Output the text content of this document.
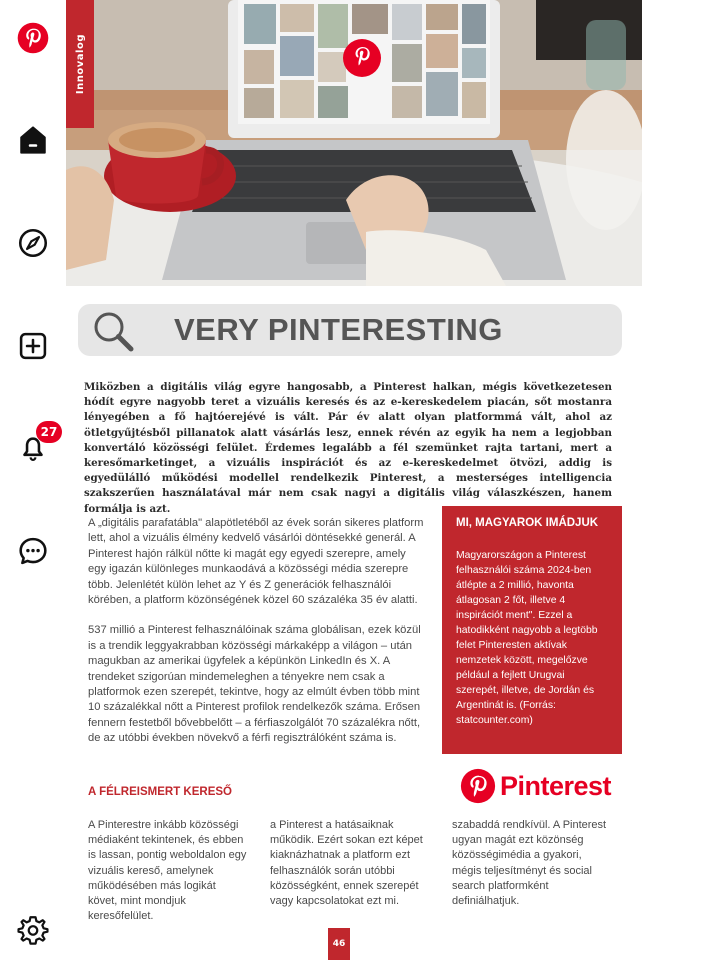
27
Innovalog
VERY PINTERESTING
Miközben a digitális világ egyre hangosabb, a Pinterest halkan, mégis következetesen hódít egyre nagyobb teret a vizuális keresés és az e-kereskedelem piacán, sőt mostanra lényegében a fő hajtóerejévé is vált. Pár év alatt olyan platformmá vált, ahol az ötletgyűjtésből pillanatok alatt vásárlás lesz, ennek révén az egyik ha nem a legjobban konvertáló közösségi felület. Érdemes legalább a fél szemünket rajta tartani, mert a keresőmarketinget, a vizuális inspirációt és az e-kereskedelmet ötvözi, addig is egyedülálló működési modellel rendelkezik Pinterest, a mesterséges intelligencia szakszerűen használatával már nem csak nagyi a digitális világ válaszkészen, hanem formálja is azt.

A „digitális parafatábla" alapötletéből az évek során sikeres platform lett, ahol a vizuális élmény kedvelő vásárlói döntésekké generál. A Pinterest hajón rálkül nőtte ki magát egy egyedi szerepre, amely egy igazán különleges munkaodává a közösségi média szerepre több. Jelenlétét külön lehet az Y és Z generációk felhasználói körében, a platform közönségének közel 60 százaléka 35 év alatti.

537 millió a Pinterest felhasználóinak száma globálisan, ezek közül is a trendik leggyakrabban közösségi márkaképp a világon – után magukban az amerikai ügyfelek a képünkön LinkedIn és X. A trendeket szigorúan mindemeleghen a tényekre nem csak a platformok ezen szerepét, tekintve, hogy az elmúlt évben több mint 10 százalékkal nőtt a Pinterest profilok rendelkezők száma. Erősen fennern festetből bővebbelőtt – a férfiaszolgálót 70 százalékra nőtt, de az utóbbi években növekvő a férfi regisztrálóként száma is.

MI, MAGYAROK IMÁDJUK

Magyarországon a Pinterest felhasználói száma 2024-ben átlépte a 2 millió, havonta átlagosan 2 főt, illetve 4 inspirációt ment". Ezzel a hatodikként nagyobb a legtöbb felet Pinteresten aktívak nemzetek között, megelőzve például a fejlett Urugvai szerepét, illetve, de Jordán és Argentinát is. (Forrás: statcounter.com)

Pinterest
A FÉLREISMERT KERESŐ
A Pinterestre inkább közösségi médiaként tekintenek, és ebben is lassan, pontig weboldalon egy vizuális kereső, amelynek működésében más logikát követ, mint mondjuk keresőfelület.
a Pinterest a hatásaiknak működik. Ezért sokan ezt képet kiaknázhatnak a platform ezt felhasználók során utóbbi közösségként, ennek szerepét vagy kapcsolatokat ezt mi.
szabaddá rendkívül. A Pinterest ugyan magát ezt közönség közösségimédia a gyakori, mégis teljesítményt és social search platformként definiálhatjuk.
46
